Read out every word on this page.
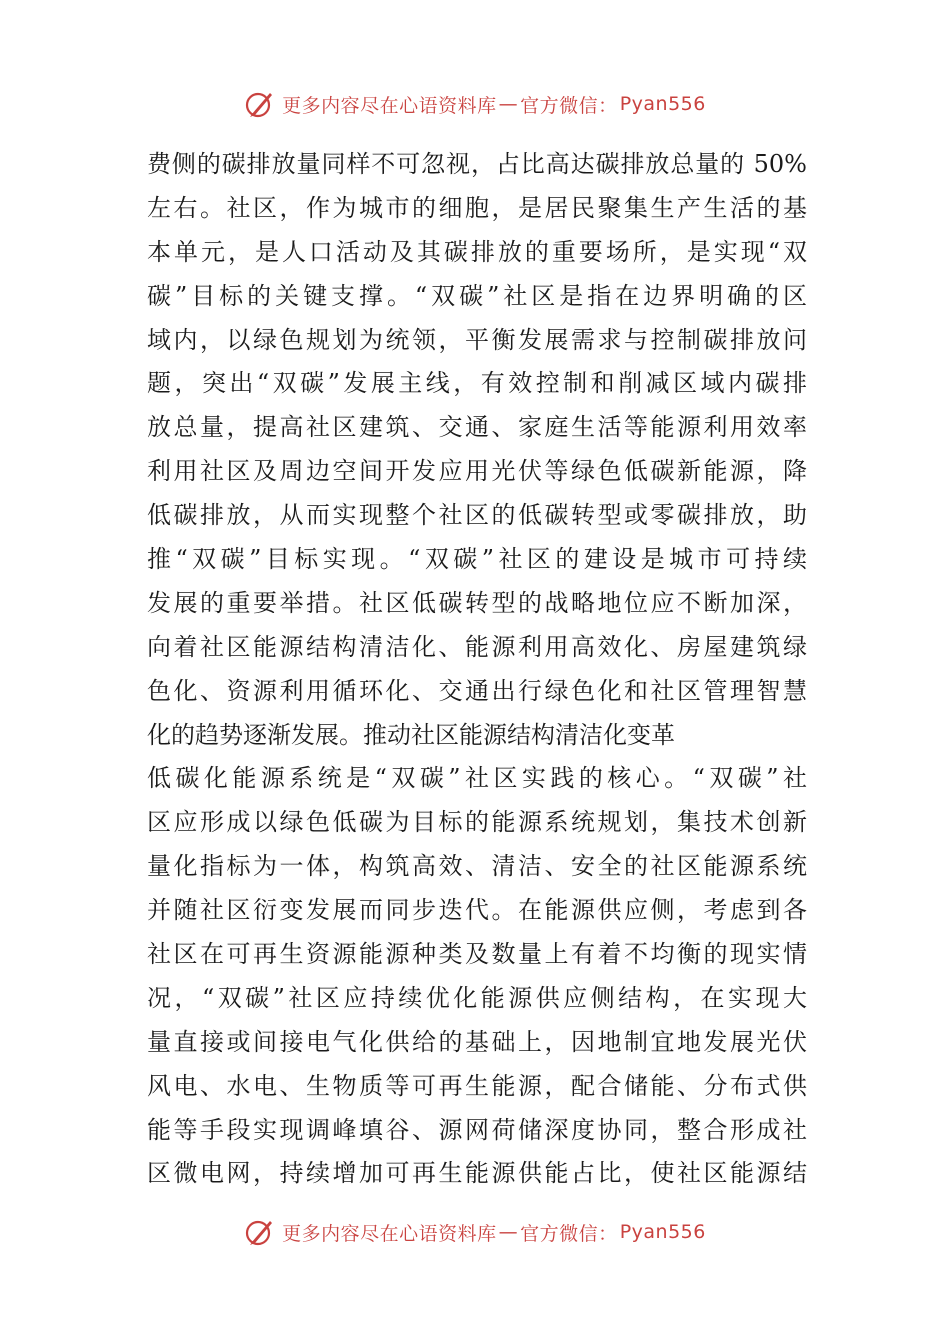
更多内容尽在心语资料库 — 官方微信： Pyan556
费侧的碳排放量同样不可忽视，占比高达碳排放总量的 50%
左右。社区，作为城市的细胞，是居民聚集生产生活的基
本单元，是人口活动及其碳排放的重要场所，是实现“双
碳”目标的关键支撑。“双碳”社区是指在边界明确的区
域内，以绿色规划为统领，平衡发展需求与控制碳排放问
题，突出“双碳”发展主线，有效控制和削减区域内碳排
放总量，提高社区建筑、交通、家庭生活等能源利用效率
利用社区及周边空间开发应用光伏等绿色低碳新能源，降
低碳排放，从而实现整个社区的低碳转型或零碳排放，助
推“双碳”目标实现。“双碳”社区的建设是城市可持续
发展的重要举措。社区低碳转型的战略地位应不断加深，
向着社区能源结构清洁化、能源利用高效化、房屋建筑绿
色化、资源利用循环化、交通出行绿色化和社区管理智慧
化的趋势逐渐发展。推动社区能源结构清洁化变革
低碳化能源系统是“双碳”社区实践的核心。“双碳”社
区应形成以绿色低碳为目标的能源系统规划，集技术创新
量化指标为一体，构筑高效、清洁、安全的社区能源系统
并随社区衍变发展而同步迭代。在能源供应侧，考虑到各
社区在可再生资源能源种类及数量上有着不均衡的现实情
况，“双碳”社区应持续优化能源供应侧结构，在实现大
量直接或间接电气化供给的基础上，因地制宜地发展光伏
风电、水电、生物质等可再生能源，配合储能、分布式供
能等手段实现调峰填谷、源网荷储深度协同，整合形成社
区微电网，持续增加可再生能源供能占比，使社区能源结
更多内容尽在心语资料库 — 官方微信： Pyan556
